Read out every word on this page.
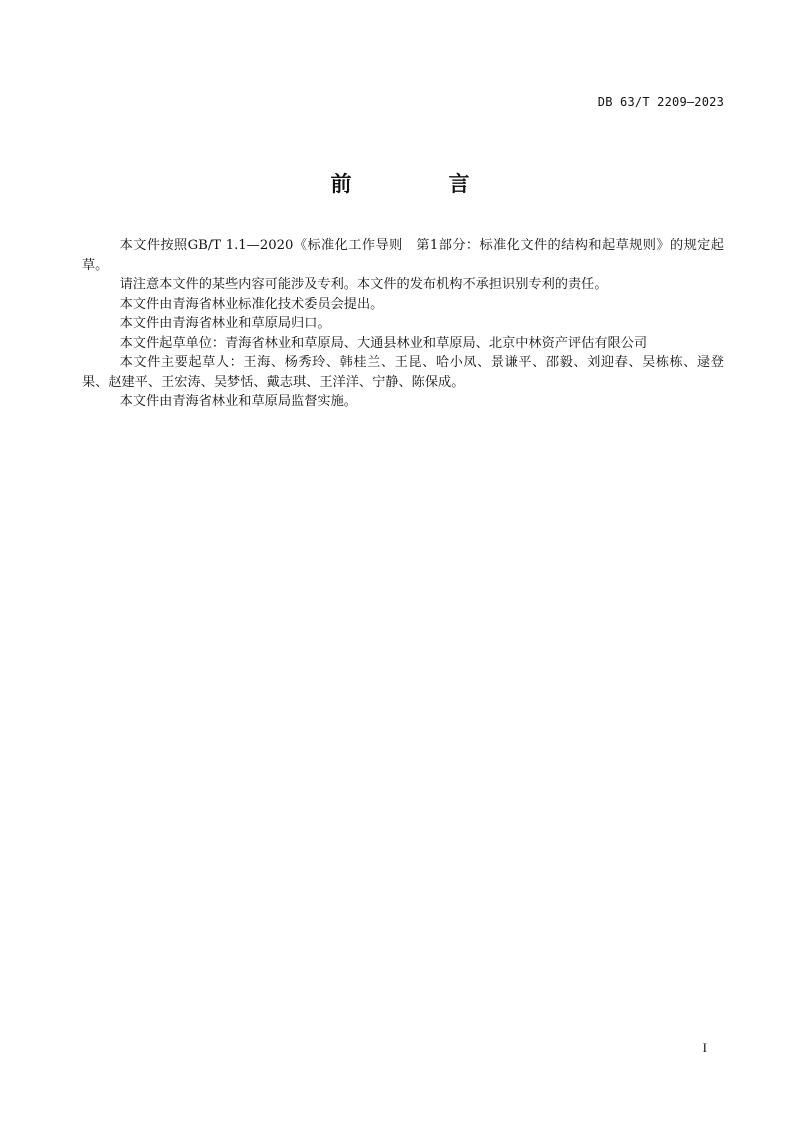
DB 63/T 2209—2023
前　言

本文件按照GB/T 1.1—2020《标准化工作导则　第1部分：标准化文件的结构和起草规则》的规定起草。

请注意本文件的某些内容可能涉及专利。本文件的发布机构不承担识别专利的责任。

本文件由青海省林业标准化技术委员会提出。

本文件由青海省林业和草原局归口。

本文件起草单位：青海省林业和草原局、大通县林业和草原局、北京中林资产评估有限公司

本文件主要起草人：王海、杨秀玲、韩桂兰、王昆、哈小凤、景谦平、邵毅、刘迎春、吴栋栋、逯登果、赵建平、王宏涛、吴梦恬、戴志琪、王洋洋、宁静、陈保成。

本文件由青海省林业和草原局监督实施。

I
